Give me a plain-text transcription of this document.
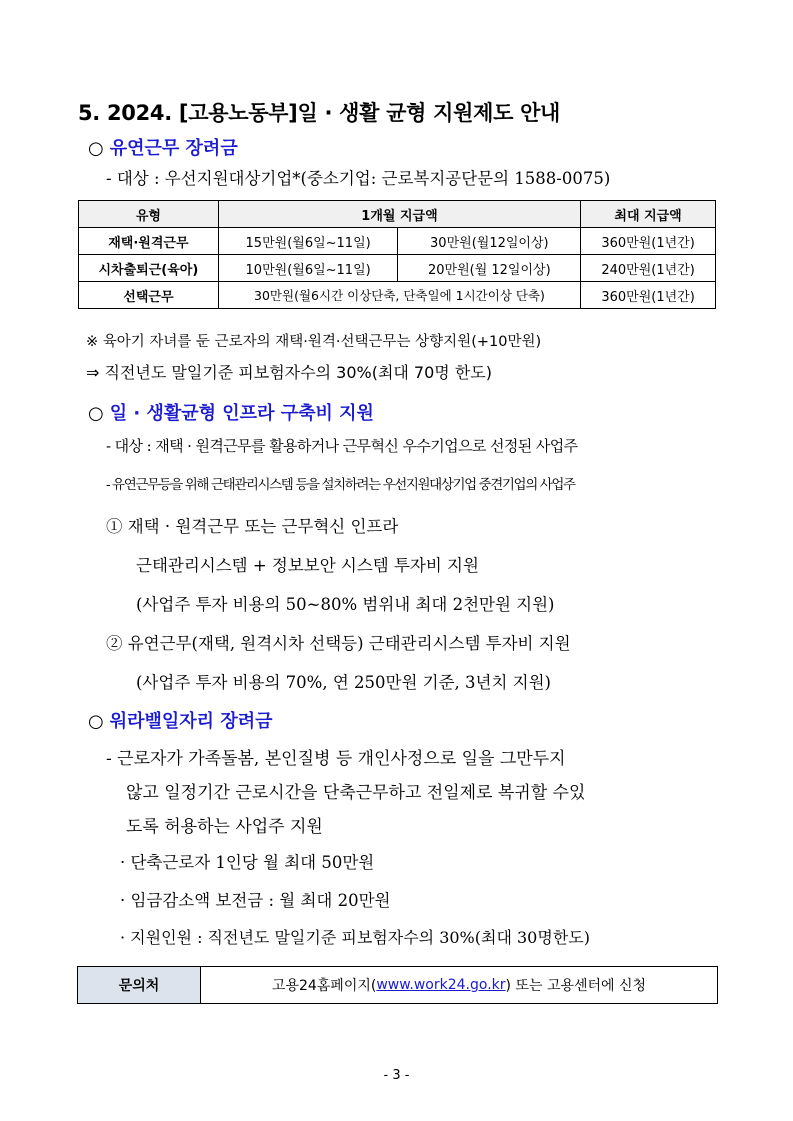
5. 2024. [고용노동부]일 · 생활 균형 지원제도 안내
○ 유연근무 장려금
- 대상 : 우선지원대상기업*(중소기업: 근로복지공단문의 1588-0075)
유형	1개월 지급액		최대 지급액
재택·원격근무	15만원(월6일~11일)	30만원(월12일이상)	360만원(1년간)
시차출퇴근(육아)	10만원(월6일~11일)	20만원(월 12일이상)	240만원(1년간)
선택근무	30만원(월6시간 이상단축, 단축일에 1시간이상 단축)		360만원(1년간)
※ 육아기 자녀를 둔 근로자의 재택·원격·선택근무는 상향지원(+10만원)
⇒ 직전년도 말일기준 피보험자수의 30%(최대 70명 한도)
○ 일 · 생활균형 인프라 구축비 지원
- 대상 : 재택 · 원격근무를 활용하거나 근무혁신 우수기업으로 선정된 사업주
- 유연근무등을 위해 근태관리시스템 등을 설치하려는 우선지원대상기업 중견기업의 사업주
① 재택 · 원격근무 또는 근무혁신 인프라
근태관리시스템 + 정보보안 시스템 투자비 지원
(사업주 투자 비용의 50~80% 범위내 최대 2천만원 지원)
② 유연근무(재택, 원격시차 선택등) 근태관리시스템 투자비 지원
(사업주 투자 비용의 70%, 연 250만원 기준, 3년치 지원)
○ 워라밸일자리 장려금
- 근로자가 가족돌봄, 본인질병 등 개인사정으로 일을 그만두지
않고 일정기간 근로시간을 단축근무하고 전일제로 복귀할 수있
도록 허용하는 사업주 지원
· 단축근로자 1인당 월 최대 50만원
· 임금감소액 보전금 : 월 최대 20만원
· 지원인원 : 직전년도 말일기준 피보험자수의 30%(최대 30명한도)
문의처	고용24홈페이지( www.work24.go.kr ) 또는 고용센터에 신청
- 3 -
